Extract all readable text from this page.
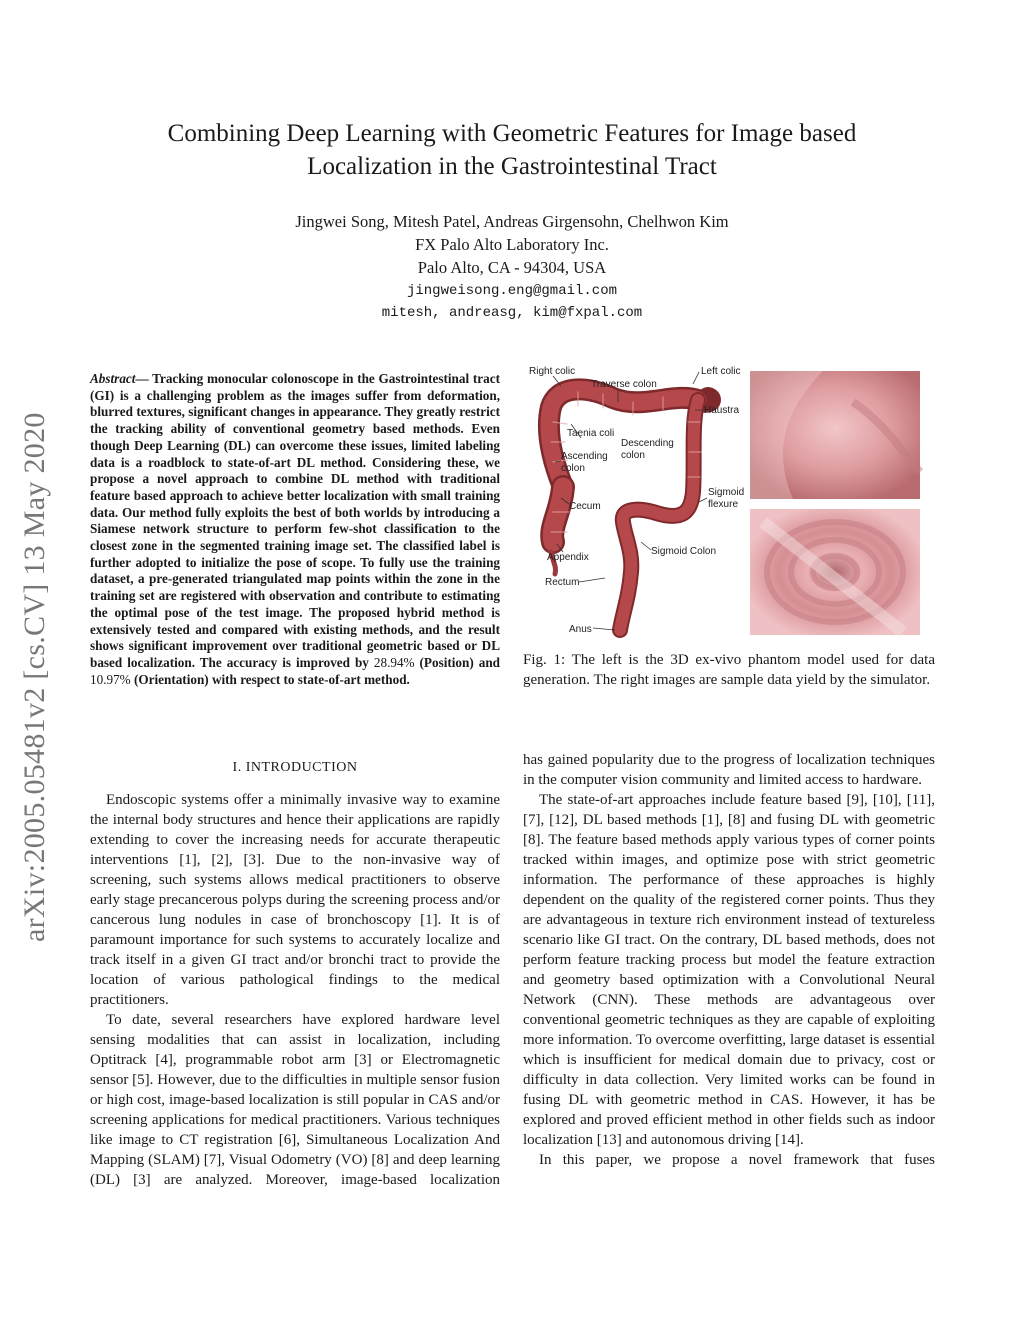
arXiv:2005.05481v2 [cs.CV] 13 May 2020
Combining Deep Learning with Geometric Features for Image based
Localization in the Gastrointestinal Tract
Jingwei Song, Mitesh Patel, Andreas Girgensohn, Chelhwon Kim
FX Palo Alto Laboratory Inc.
Palo Alto, CA - 94304, USA
jingweisong.eng@gmail.com
mitesh, andreasg, kim@fxpal.com
Abstract— Tracking monocular colonoscope in the Gastrointestinal tract (GI) is a challenging problem as the images suffer from deformation, blurred textures, significant changes in appearance. They greatly restrict the tracking ability of conventional geometry based methods. Even though Deep Learning (DL) can overcome these issues, limited labeling data is a roadblock to state-of-art DL method. Considering these, we propose a novel approach to combine DL method with traditional feature based approach to achieve better localization with small training data. Our method fully exploits the best of both worlds by introducing a Siamese network structure to perform few-shot classification to the closest zone in the segmented training image set. The classified label is further adopted to initialize the pose of scope. To fully use the training dataset, a pre-generated triangulated map points within the zone in the training set are registered with observation and contribute to estimating the optimal pose of the test image. The proposed hybrid method is extensively tested and compared with existing methods, and the result shows significant improvement over traditional geometric based or DL based localization. The accuracy is improved by 28.94% (Position) and 10.97% (Orientation) with respect to state-of-art method.
I. INTRODUCTION

Endoscopic systems offer a minimally invasive way to examine the internal body structures and hence their applications are rapidly extending to cover the increasing needs for accurate therapeutic interventions [1], [2], [3]. Due to the non-invasive way of screening, such systems allows medical practitioners to observe early stage precancerous polyps during the screening process and/or cancerous lung nodules in case of bronchoscopy [1]. It is of paramount importance for such systems to accurately localize and track itself in a given GI tract and/or bronchi tract to provide the location of various pathological findings to the medical practitioners.

To date, several researchers have explored hardware level sensing modalities that can assist in localization, including Optitrack [4], programmable robot arm [3] or Electromagnetic sensor [5]. However, due to the difficulties in multiple sensor fusion or high cost, image-based localization is still popular in CAS and/or screening applications for medical practitioners. Various techniques like image to CT registration [6], Simultaneous Localization And Mapping (SLAM) [7], Visual Odometry (VO) [8] and deep learning (DL) [3] are analyzed. Moreover, image-based localization

Right colic
Traverse colon
Left colic
Haustra
Taenia coli
Descending
colon
Ascending
colon
Sigmoid
flexure
Cecum
Sigmoid Colon
Appendix
Rectum
Anus
Fig. 1: The left is the 3D ex-vivo phantom model used for data generation. The right images are sample data yield by the simulator.

has gained popularity due to the progress of localization techniques in the computer vision community and limited access to hardware.

The state-of-art approaches include feature based [9], [10], [11], [7], [12], DL based methods [1], [8] and fusing DL with geometric [8]. The feature based methods apply various types of corner points tracked within images, and optimize pose with strict geometric information. The performance of these approaches is highly dependent on the quality of the registered corner points. Thus they are advantageous in texture rich environment instead of textureless scenario like GI tract. On the contrary, DL based methods, does not perform feature tracking process but model the feature extraction and geometry based optimization with a Convolutional Neural Network (CNN). These methods are advantageous over conventional geometric techniques as they are capable of exploiting more information. To overcome overfitting, large dataset is essential which is insufficient for medical domain due to privacy, cost or difficulty in data collection. Very limited works can be found in fusing DL with geometric method in CAS. However, it has be explored and proved efficient method in other fields such as indoor localization [13] and autonomous driving [14].

In this paper, we propose a novel framework that fuses
